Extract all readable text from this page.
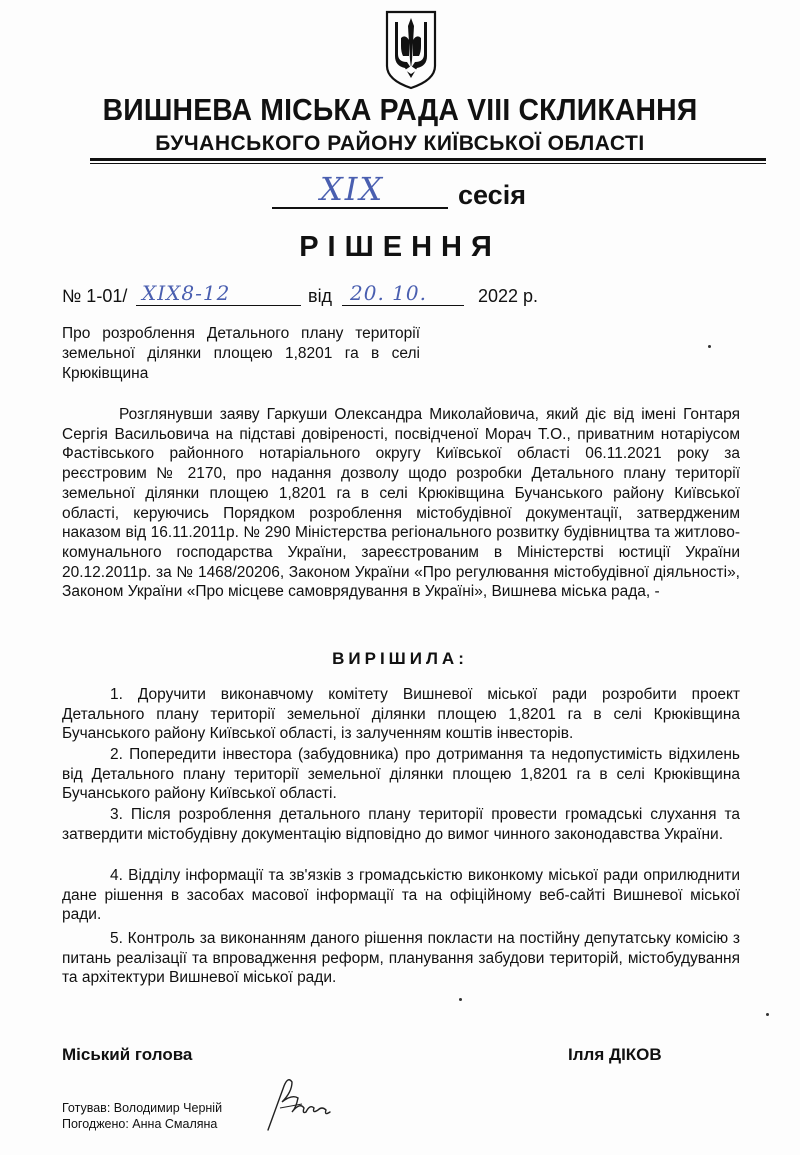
ВИШНЕВА МІСЬКА РАДА VIII СКЛИКАННЯ
БУЧАНСЬКОГО РАЙОНУ КИЇВСЬКОЇ ОБЛАСТІ
XIX	сесія
РІШЕННЯ
№ 1-01/ XIX8-12	від 20. 10.	2022 р.
Про розроблення Детального плану території земельної ділянки площею 1,8201 га в селі Крюківщина
Розглянувши заяву Гаркуши Олександра Миколайовича, який діє від імені Гонтаря Сергія Васильовича на підставі довіреності, посвідченої Морач Т.О., приватним нотаріусом Фастівського районного нотаріального округу Київської області 06.11.2021 року за реєстровим № 2170, про надання дозволу щодо розробки Детального плану території земельної ділянки площею 1,8201 га в селі Крюківщина Бучанського району Київської області, керуючись Порядком розроблення містобудівної документації, затвердженим наказом від 16.11.2011р. № 290 Міністерства регіонального розвитку будівництва та житлово-комунального господарства України, зареєстрованим в Міністерстві юстиції України 20.12.2011р. за № 1468/20206, Законом України «Про регулювання містобудівної діяльності», Законом України «Про місцеве самоврядування в Україні», Вишнева міська рада, -
ВИРІШИЛА:
1. Доручити виконавчому комітету Вишневої міської ради розробити проект Детального плану території земельної ділянки площею 1,8201 га в селі Крюківщина Бучанського району Київської області, із залученням коштів інвесторів.
2. Попередити інвестора (забудовника) про дотримання та недопустимість відхилень від Детального плану території земельної ділянки площею 1,8201 га в селі Крюківщина Бучанського району Київської області.
3. Після розроблення детального плану території провести громадські слухання та затвердити містобудівну документацію відповідно до вимог чинного законодавства України.
4. Відділу інформації та зв'язків з громадськістю виконкому міської ради оприлюднити дане рішення в засобах масової інформації та на офіційному веб-сайті Вишневої міської ради.
5. Контроль за виконанням даного рішення покласти на постійну депутатську комісію з питань реалізації та впровадження реформ, планування забудови територій, містобудування та архітектури Вишневої міської ради.
Міський голова	Ілля ДІКОВ
Готував: Володимир Черній
Погоджено: Анна Смаляна
